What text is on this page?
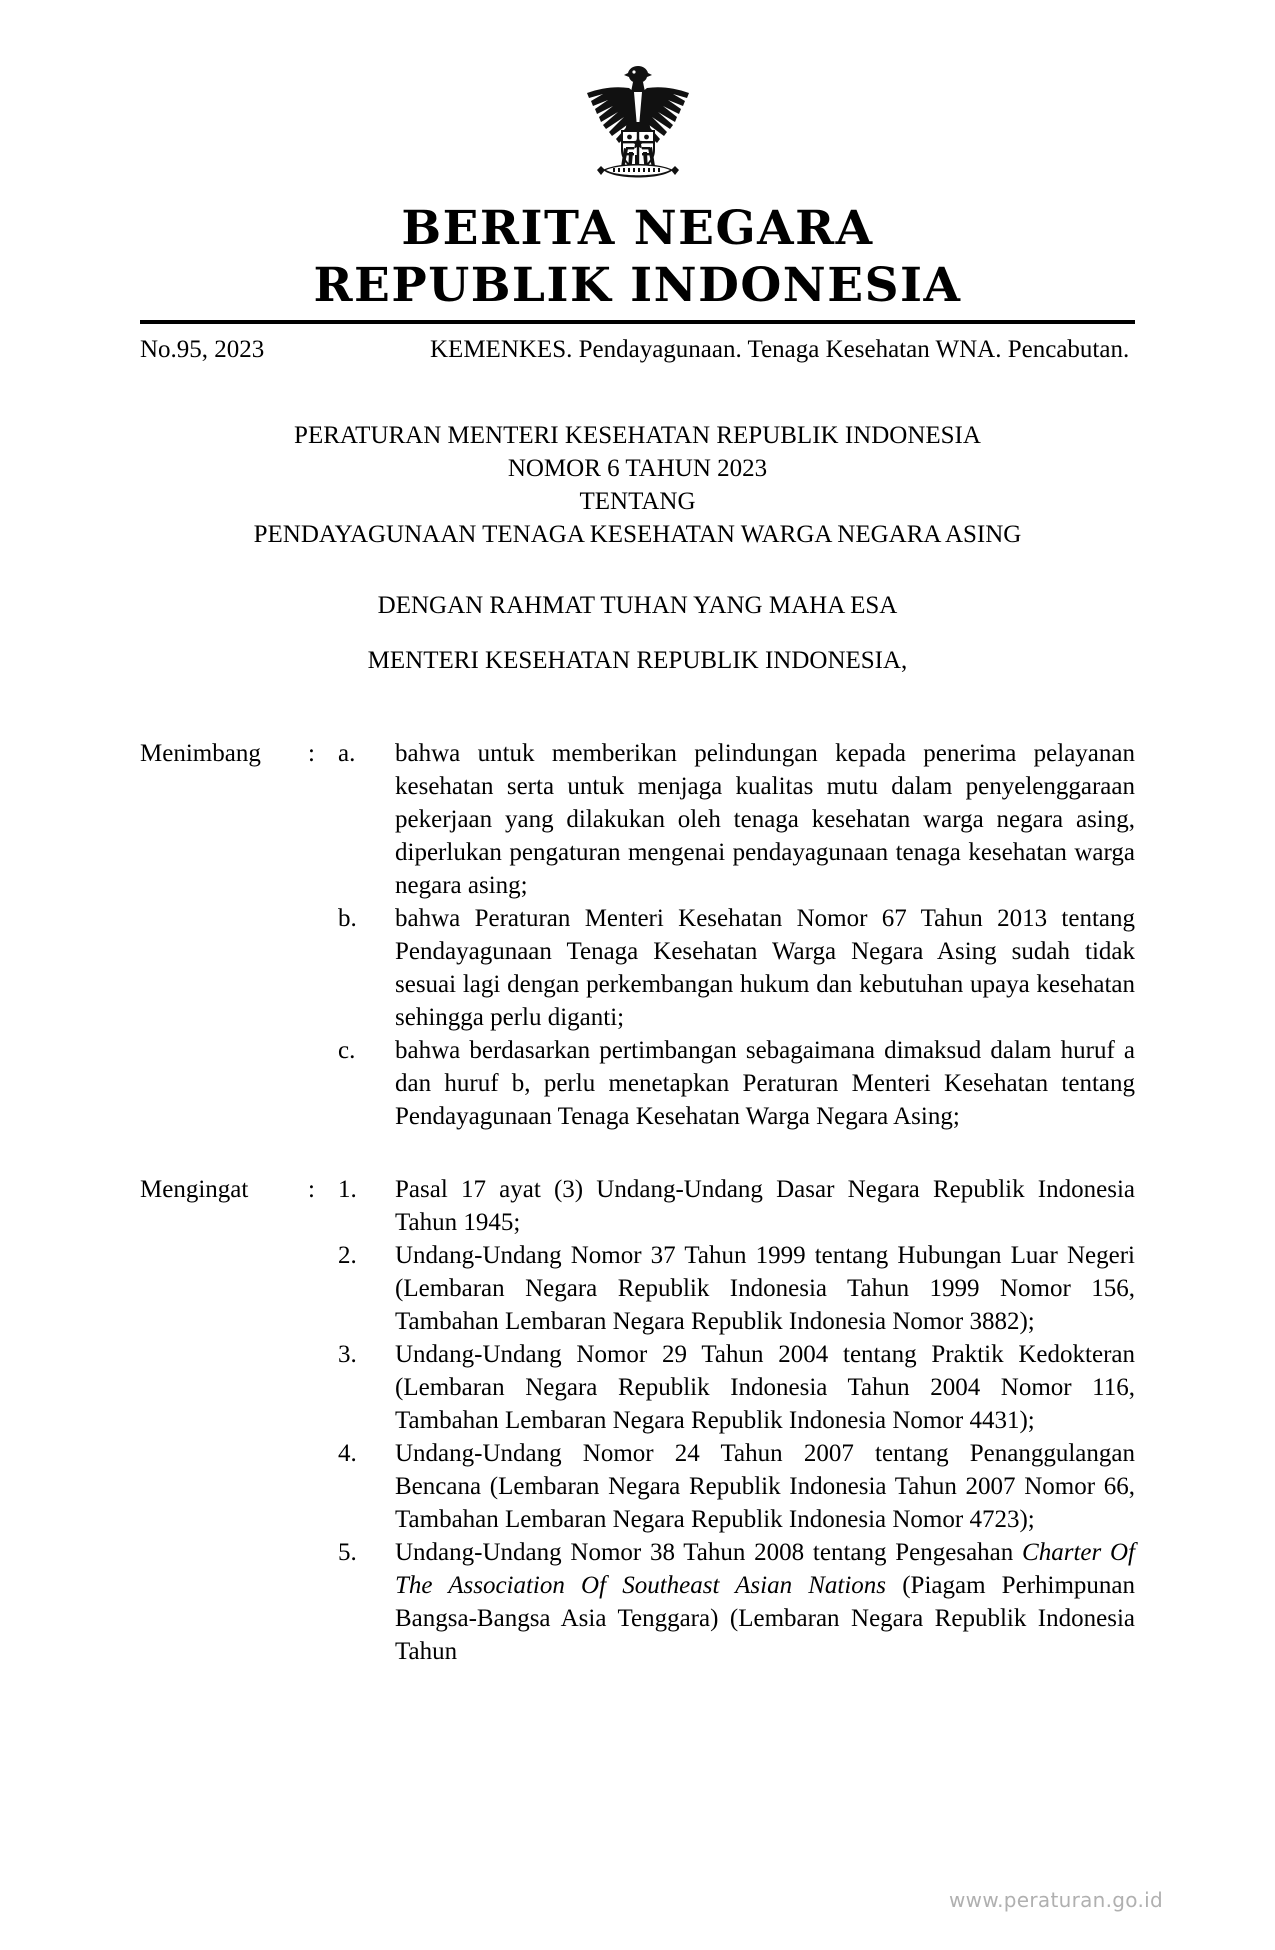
BERITA NEGARA
REPUBLIK INDONESIA
No.95, 2023	KEMENKES. Pendayagunaan. Tenaga Kesehatan WNA. Pencabutan.
PERATURAN MENTERI KESEHATAN REPUBLIK INDONESIA
NOMOR 6 TAHUN 2023
TENTANG
PENDAYAGUNAAN TENAGA KESEHATAN WARGA NEGARA ASING
DENGAN RAHMAT TUHAN YANG MAHA ESA
MENTERI KESEHATAN REPUBLIK INDONESIA,
Menimbang	: a.	bahwa untuk memberikan pelindungan kepada penerima pelayanan kesehatan serta untuk menjaga kualitas mutu dalam penyelenggaraan pekerjaan yang dilakukan oleh tenaga kesehatan warga negara asing, diperlukan pengaturan mengenai pendayagunaan tenaga kesehatan warga negara asing;
b.	bahwa Peraturan Menteri Kesehatan Nomor 67 Tahun 2013 tentang Pendayagunaan Tenaga Kesehatan Warga Negara Asing sudah tidak sesuai lagi dengan perkembangan hukum dan kebutuhan upaya kesehatan sehingga perlu diganti;
c.	bahwa berdasarkan pertimbangan sebagaimana dimaksud dalam huruf a dan huruf b, perlu menetapkan Peraturan Menteri Kesehatan tentang Pendayagunaan Tenaga Kesehatan Warga Negara Asing;
Mengingat	: 1.	Pasal 17 ayat (3) Undang-Undang Dasar Negara Republik Indonesia Tahun 1945;
2.	Undang-Undang Nomor 37 Tahun 1999 tentang Hubungan Luar Negeri (Lembaran Negara Republik Indonesia Tahun 1999 Nomor 156, Tambahan Lembaran Negara Republik Indonesia Nomor 3882);
3.	Undang-Undang Nomor 29 Tahun 2004 tentang Praktik Kedokteran (Lembaran Negara Republik Indonesia Tahun 2004 Nomor 116, Tambahan Lembaran Negara Republik Indonesia Nomor 4431);
4.	Undang-Undang Nomor 24 Tahun 2007 tentang Penanggulangan Bencana (Lembaran Negara Republik Indonesia Tahun 2007 Nomor 66, Tambahan Lembaran Negara Republik Indonesia Nomor 4723);
5.	Undang-Undang Nomor 38 Tahun 2008 tentang Pengesahan Charter Of The Association Of Southeast Asian Nations (Piagam Perhimpunan Bangsa-Bangsa Asia Tenggara) (Lembaran Negara Republik Indonesia Tahun
www.peraturan.go.id
